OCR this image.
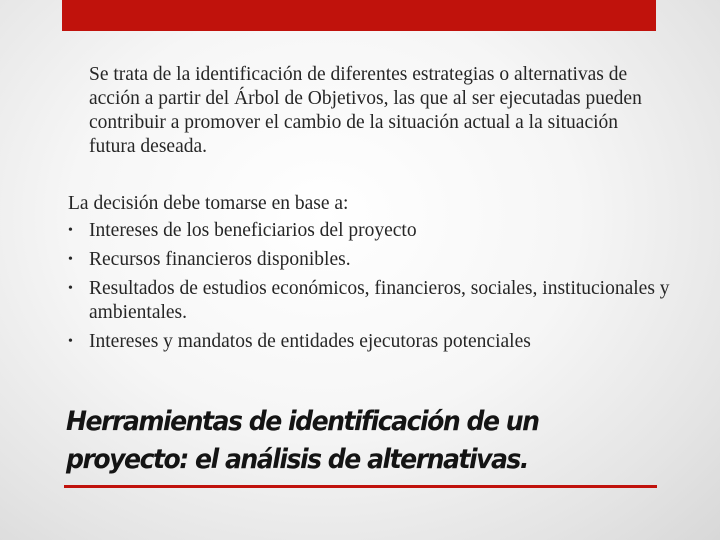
Se trata de la identificación de diferentes estrategias o alternativas de acción a partir del Árbol de Objetivos, las que al ser ejecutadas pueden contribuir a promover el cambio de la situación actual a la situación futura deseada.

La decisión debe tomarse en base a:

• Intereses de los beneficiarios del proyecto
• Recursos financieros disponibles.
• Resultados de estudios económicos, financieros, sociales, institucionales y ambientales.
• Intereses y mandatos de entidades ejecutoras potenciales
Herramientas de identificación de un proyecto: el análisis de alternativas.
